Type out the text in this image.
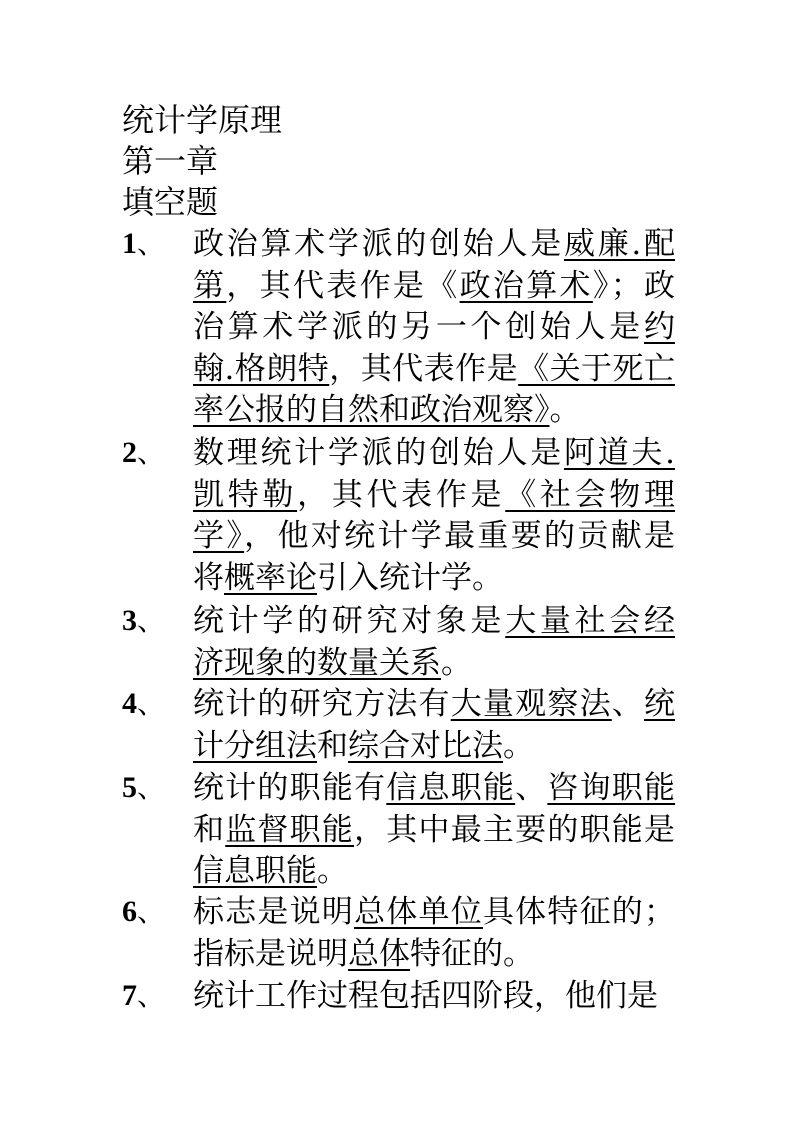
统计学原理
第一章
填空题
1、 政治算术学派的创始人是威廉.配
第，其代表作是《政治算术》；政
治算术学派的另一个创始人是约
翰.格朗特，其代表作是《关于死亡
率公报的自然和政治观察》。
2、 数理统计学派的创始人是阿道夫.
凯特勒，其代表作是《社会物理
学》，他对统计学最重要的贡献是
将概率论引入统计学。
3、 统计学的研究对象是大量社会经
济现象的数量关系。
4、 统计的研究方法有大量观察法、统
计分组法和综合对比法。
5、 统计的职能有信息职能、咨询职能
和监督职能，其中最主要的职能是
信息职能。
6、 标志是说明总体单位具体特征的；
指标是说明总体特征的。
7、 统计工作过程包括四阶段，他们是
